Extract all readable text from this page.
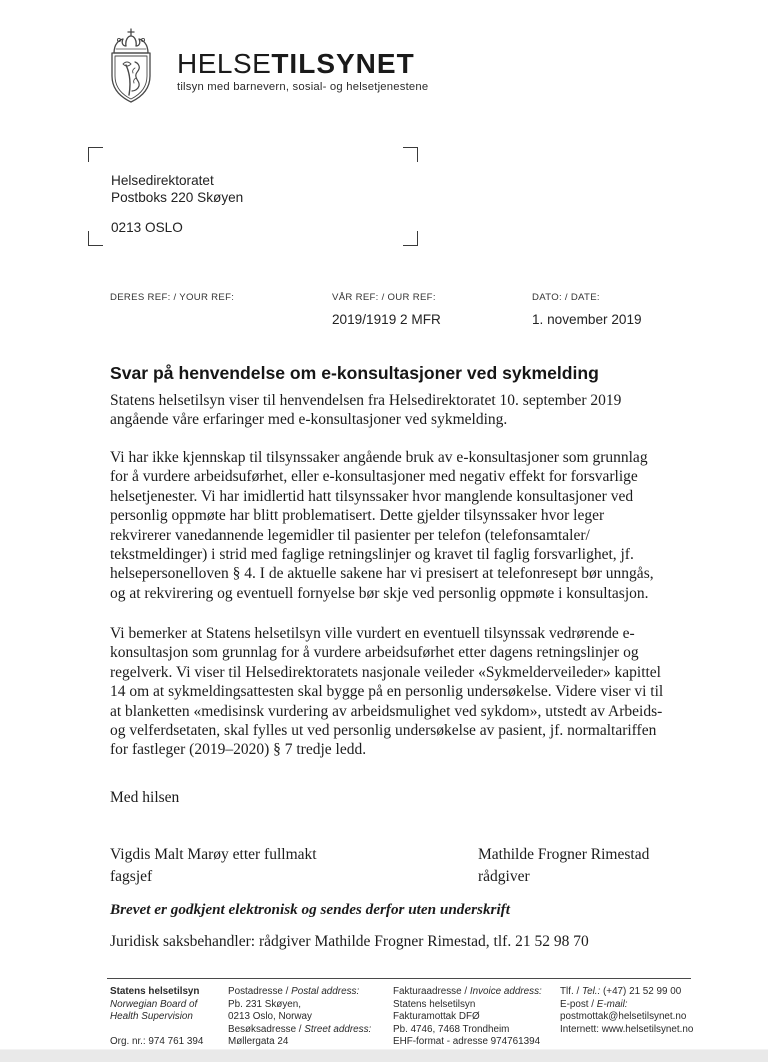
HELSETILSYNET
tilsyn med barnevern, sosial- og helsetjenestene
Helsedirektoratet
Postboks 220 Skøyen
0213 OSLO
DERES REF: / YOUR REF:	VÅR REF: / OUR REF:
2019/1919 2 MFR
DATO: / DATE:
1. november 2019
Svar på henvendelse om e-konsultasjoner ved sykmelding

Statens helsetilsyn viser til henvendelsen fra Helsedirektoratet 10. september 2019 angående våre erfaringer med e-konsultasjoner ved sykmelding.

Vi har ikke kjennskap til tilsynssaker angående bruk av e-konsultasjoner som grunnlag for å vurdere arbeidsuførhet, eller e-konsultasjoner med negativ effekt for forsvarlige helsetjenester. Vi har imidlertid hatt tilsynssaker hvor manglende konsultasjoner ved personlig oppmøte har blitt problematisert. Dette gjelder tilsynssaker hvor leger rekvirerer vanedannende legemidler til pasienter per telefon (telefonsamtaler/ tekstmeldinger) i strid med faglige retningslinjer og kravet til faglig forsvarlighet, jf. helsepersonelloven § 4. I de aktuelle sakene har vi presisert at telefonresept bør unngås, og at rekvirering og eventuell fornyelse bør skje ved personlig oppmøte i konsultasjon.

Vi bemerker at Statens helsetilsyn ville vurdert en eventuell tilsynssak vedrørende e-konsultasjon som grunnlag for å vurdere arbeidsuførhet etter dagens retningslinjer og regelverk. Vi viser til Helsedirektoratets nasjonale veileder «Sykmelderveileder» kapittel 14 om at sykmeldingsattesten skal bygge på en personlig undersøkelse. Videre viser vi til at blanketten «medisinsk vurdering av arbeidsmulighet ved sykdom», utstedt av Arbeids- og velferdsetaten, skal fylles ut ved personlig undersøkelse av pasient, jf. normaltariffen for fastleger (2019–2020) § 7 tredje ledd.

Med hilsen
Vigdis Malt Marøy etter fullmakt
fagsjef
Mathilde Frogner Rimestad
rådgiver
Brevet er godkjent elektronisk og sendes derfor uten underskrift
Juridisk saksbehandler: rådgiver Mathilde Frogner Rimestad, tlf. 21 52 98 70
Statens helsetilsyn
Norwegian Board of
Health Supervision
Org. nr.: 974 761 394
Postadresse / Postal address:
Pb. 231 Skøyen,
0213 Oslo, Norway
Besøksadresse / Street address:
Møllergata 24
Fakturaadresse / Invoice address:
Statens helsetilsyn
Fakturamottak DFØ
Pb. 4746, 7468 Trondheim
EHF-format - adresse 974761394
Tlf. / Tel.: (+47) 21 52 99 00
E-post / E-mail:
postmottak@helsetilsynet.no
Internett: www.helsetilsynet.no
